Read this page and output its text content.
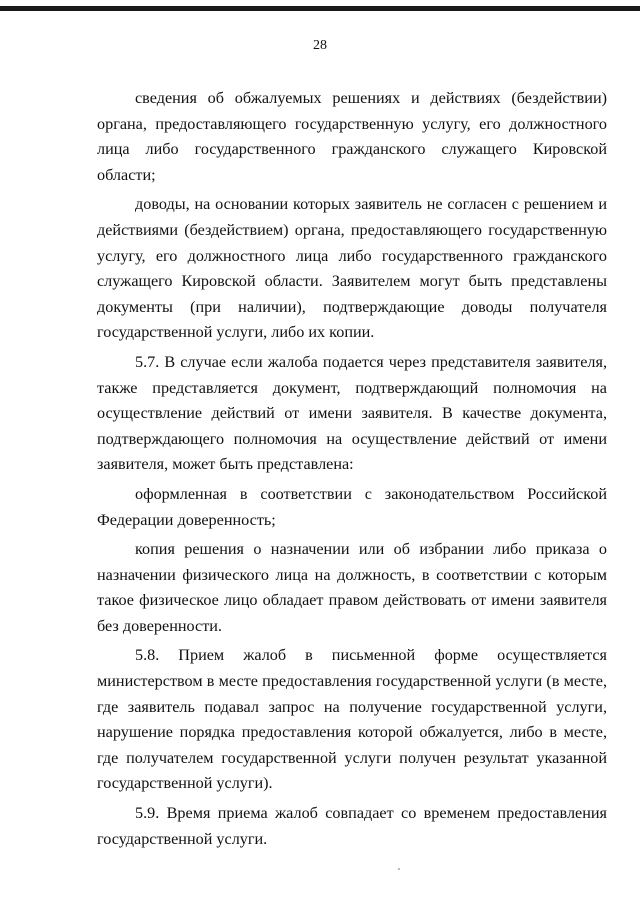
28

сведения об обжалуемых решениях и действиях (бездействии) органа, предоставляющего государственную услугу, его должностного лица либо государственного гражданского служащего Кировской области;

доводы, на основании которых заявитель не согласен с решением и действиями (бездействием) органа, предоставляющего государственную услугу, его должностного лица либо государственного гражданского служащего Кировской области. Заявителем могут быть представлены документы (при наличии), подтверждающие доводы получателя государственной услуги, либо их копии.

5.7. В случае если жалоба подается через представителя заявителя, также представляется документ, подтверждающий полномочия на осуществление действий от имени заявителя. В качестве документа, подтверждающего полномочия на осуществление действий от имени заявителя, может быть представлена:

оформленная в соответствии с законодательством Российской Федерации доверенность;

копия решения о назначении или об избрании либо приказа о назначении физического лица на должность, в соответствии с которым такое физическое лицо обладает правом действовать от имени заявителя без доверенности.

5.8. Прием жалоб в письменной форме осуществляется министерством в месте предоставления государственной услуги (в месте, где заявитель подавал запрос на получение государственной услуги, нарушение порядка предоставления которой обжалуется, либо в месте, где получателем государственной услуги получен результат указанной государственной услуги).

5.9. Время приема жалоб совпадает со временем предоставления государственной услуги.
